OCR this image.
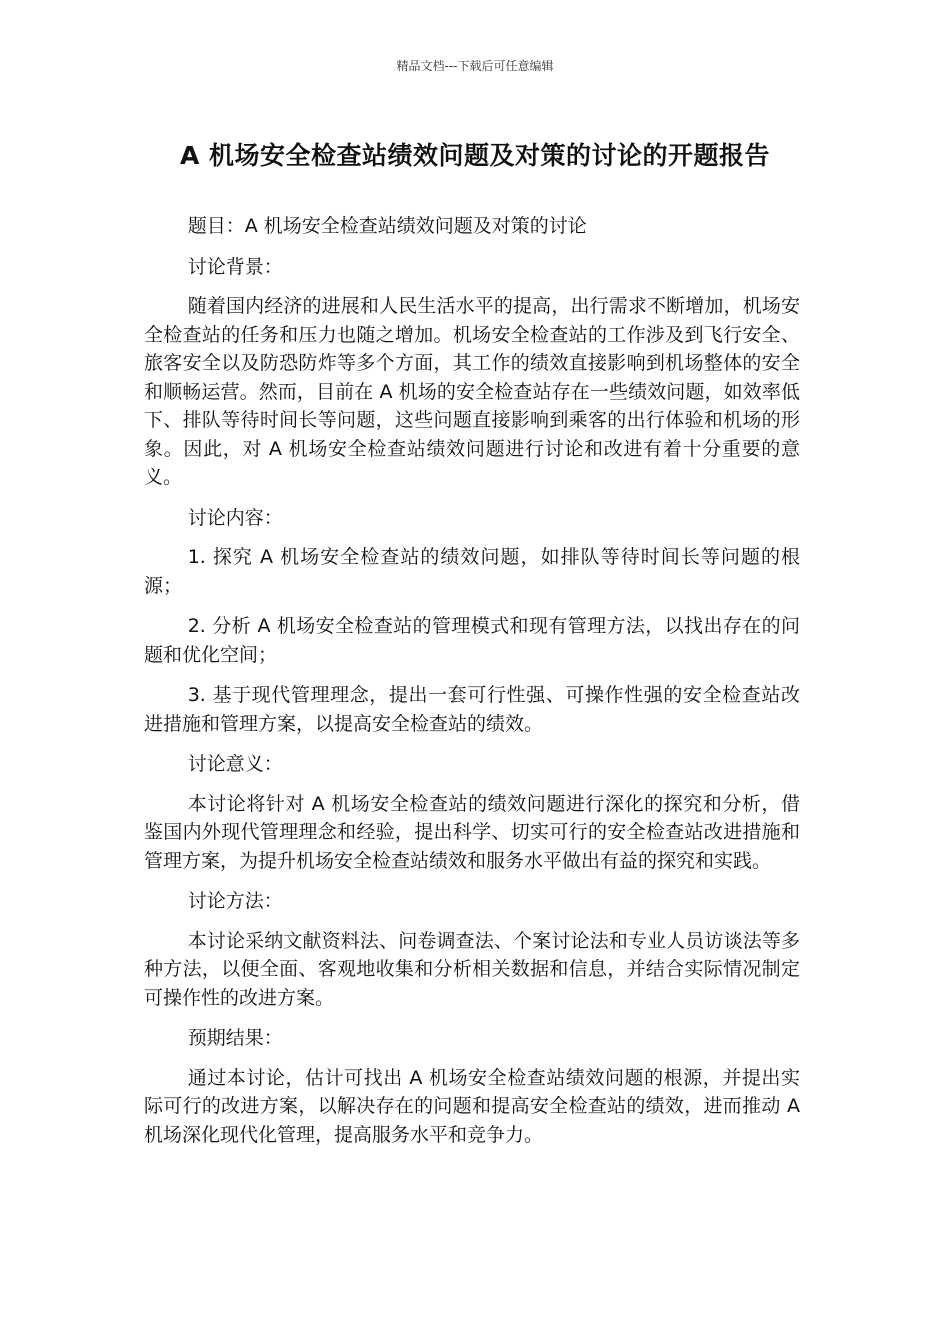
精品文档---下载后可任意编辑
A 机场安全检查站绩效问题及对策的讨论的开题报告

题目：A 机场安全检查站绩效问题及对策的讨论

讨论背景：

随着国内经济的进展和人民生活水平的提高，出行需求不断增加，机场安全检查站的任务和压力也随之增加。机场安全检查站的工作涉及到飞行安全、旅客安全以及防恐防炸等多个方面，其工作的绩效直接影响到机场整体的安全和顺畅运营。然而，目前在 A 机场的安全检查站存在一些绩效问题，如效率低下、排队等待时间长等问题，这些问题直接影响到乘客的出行体验和机场的形象。因此，对 A 机场安全检查站绩效问题进行讨论和改进有着十分重要的意义。

讨论内容：

1. 探究 A 机场安全检查站的绩效问题，如排队等待时间长等问题的根源；

2. 分析 A 机场安全检查站的管理模式和现有管理方法，以找出存在的问题和优化空间；

3. 基于现代管理理念，提出一套可行性强、可操作性强的安全检查站改进措施和管理方案，以提高安全检查站的绩效。

讨论意义：

本讨论将针对 A 机场安全检查站的绩效问题进行深化的探究和分析，借鉴国内外现代管理理念和经验，提出科学、切实可行的安全检查站改进措施和管理方案，为提升机场安全检查站绩效和服务水平做出有益的探究和实践。

讨论方法：

本讨论采纳文献资料法、问卷调查法、个案讨论法和专业人员访谈法等多种方法，以便全面、客观地收集和分析相关数据和信息，并结合实际情况制定可操作性的改进方案。

预期结果：

通过本讨论，估计可找出 A 机场安全检查站绩效问题的根源，并提出实际可行的改进方案，以解决存在的问题和提高安全检查站的绩效，进而推动 A 机场深化现代化管理，提高服务水平和竞争力。
